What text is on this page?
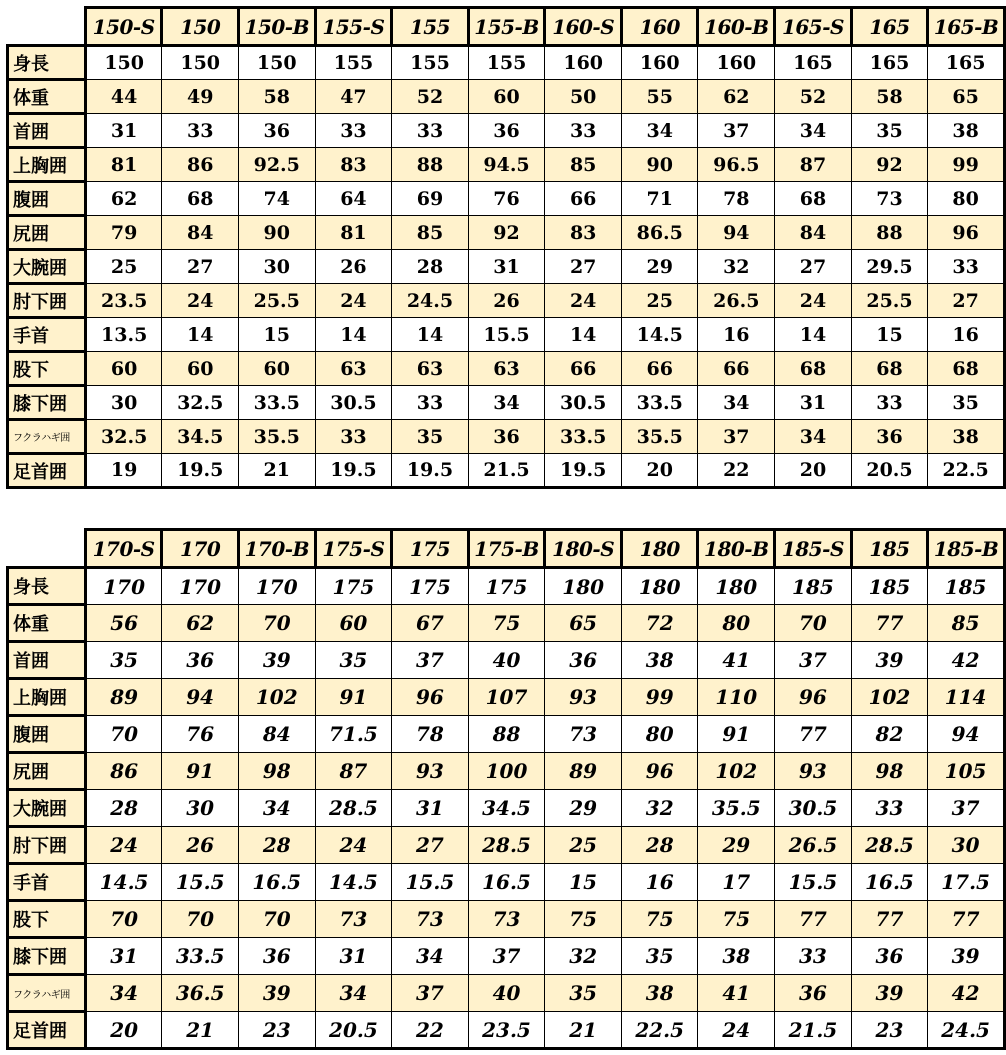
	150-S	150	150-B	155-S	155	155-B	160-S	160	160-B	165-S	165	165-B
身長	150	150	150	155	155	155	160	160	160	165	165	165
体重	44	49	58	47	52	60	50	55	62	52	58	65
首囲	31	33	36	33	33	36	33	34	37	34	35	38
上胸囲	81	86	92.5	83	88	94.5	85	90	96.5	87	92	99
腹囲	62	68	74	64	69	76	66	71	78	68	73	80
尻囲	79	84	90	81	85	92	83	86.5	94	84	88	96
大腕囲	25	27	30	26	28	31	27	29	32	27	29.5	33
肘下囲	23.5	24	25.5	24	24.5	26	24	25	26.5	24	25.5	27
手首	13.5	14	15	14	14	15.5	14	14.5	16	14	15	16
股下	60	60	60	63	63	63	66	66	66	68	68	68
膝下囲	30	32.5	33.5	30.5	33	34	30.5	33.5	34	31	33	35
フクラハギ囲	32.5	34.5	35.5	33	35	36	33.5	35.5	37	34	36	38
足首囲	19	19.5	21	19.5	19.5	21.5	19.5	20	22	20	20.5	22.5
	170-S	170	170-B	175-S	175	175-B	180-S	180	180-B	185-S	185	185-B
身長	170	170	170	175	175	175	180	180	180	185	185	185
体重	56	62	70	60	67	75	65	72	80	70	77	85
首囲	35	36	39	35	37	40	36	38	41	37	39	42
上胸囲	89	94	102	91	96	107	93	99	110	96	102	114
腹囲	70	76	84	71.5	78	88	73	80	91	77	82	94
尻囲	86	91	98	87	93	100	89	96	102	93	98	105
大腕囲	28	30	34	28.5	31	34.5	29	32	35.5	30.5	33	37
肘下囲	24	26	28	24	27	28.5	25	28	29	26.5	28.5	30
手首	14.5	15.5	16.5	14.5	15.5	16.5	15	16	17	15.5	16.5	17.5
股下	70	70	70	73	73	73	75	75	75	77	77	77
膝下囲	31	33.5	36	31	34	37	32	35	38	33	36	39
フクラハギ囲	34	36.5	39	34	37	40	35	38	41	36	39	42
足首囲	20	21	23	20.5	22	23.5	21	22.5	24	21.5	23	24.5
